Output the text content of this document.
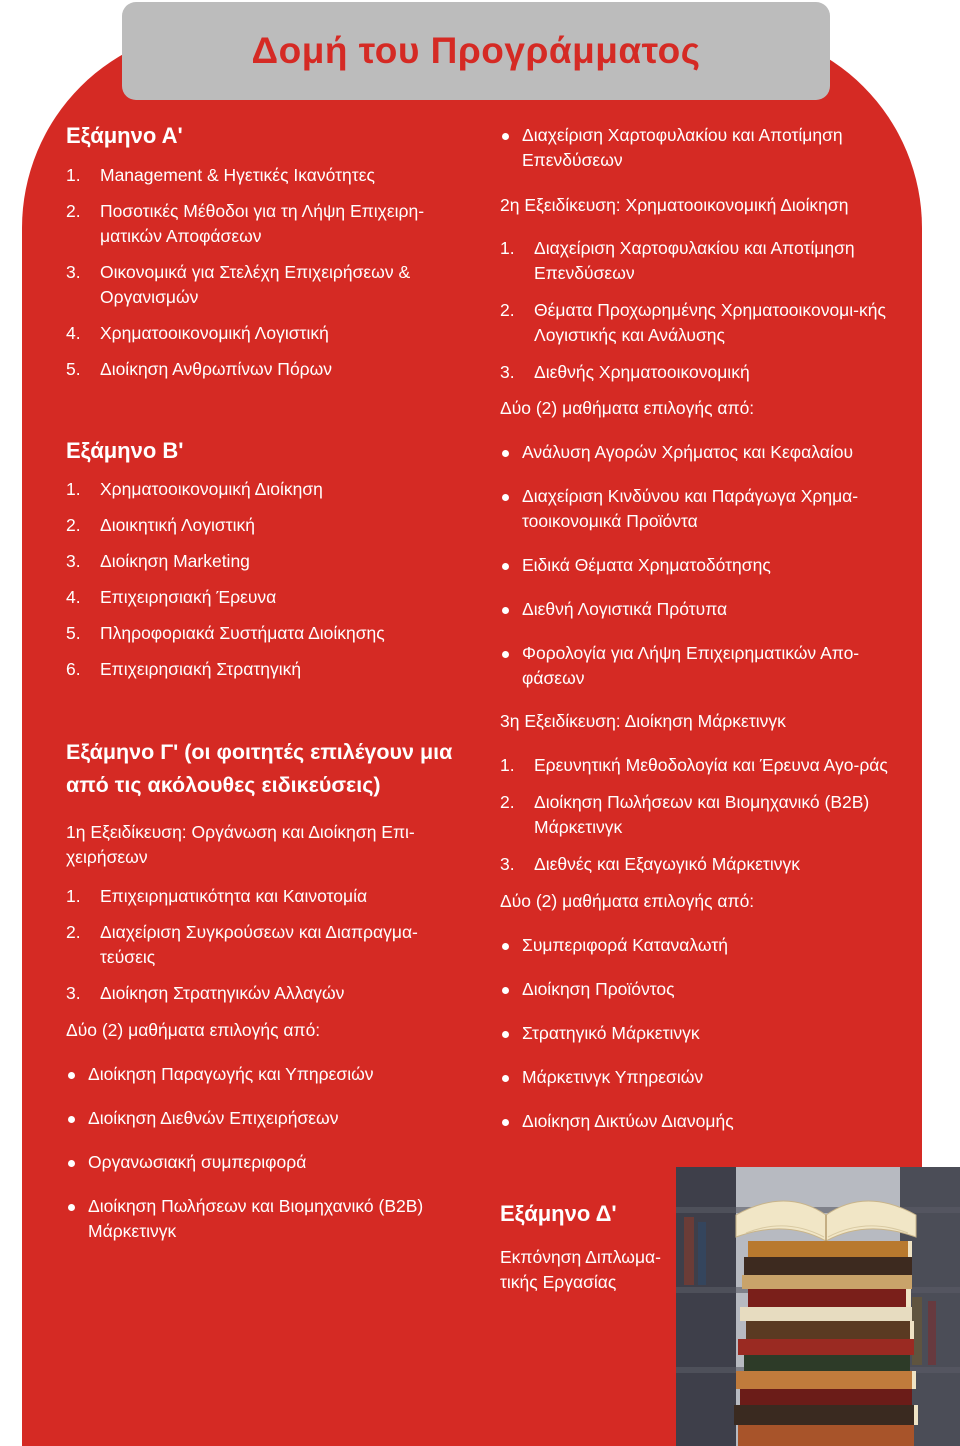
Δομή του Προγράμματος
Εξάμηνο Α'
1.	Management & Ηγετικές Ικανότητες
2.	Ποσοτικές Μέθοδοι για τη Λήψη Επιχειρη-ματικών Αποφάσεων
3.	Οικονομικά για Στελέχη Επιχειρήσεων & Οργανισμών
4.	Χρηματοοικονομική Λογιστική
5.	Διοίκηση Ανθρωπίνων Πόρων
Εξάμηνο Β'
1.	Χρηματοοικονομική Διοίκηση
2.	Διοικητική Λογιστική
3.	Διοίκηση Marketing
4.	Επιχειρησιακή Έρευνα
5.	Πληροφοριακά Συστήματα Διοίκησης
6.	Επιχειρησιακή Στρατηγική
Εξάμηνο Γ' (οι φοιτητές επιλέγουν μια από τις ακόλουθες ειδικεύσεις)
1η Εξειδίκευση: Οργάνωση και Διοίκηση Επι-χειρήσεων
1.	Επιχειρηματικότητα και Καινοτομία
2.	Διαχείριση Συγκρούσεων και Διαπραγμα-τεύσεις
3.	Διοίκηση Στρατηγικών Αλλαγών
Δύο (2) μαθήματα επιλογής από:
Διοίκηση Παραγωγής και Υπηρεσιών
Διοίκηση Διεθνών Επιχειρήσεων
Οργανωσιακή συμπεριφορά
Διοίκηση Πωλήσεων και Βιομηχανικό (B2B) Μάρκετινγκ
Διαχείριση Χαρτοφυλακίου και Αποτίμηση Επενδύσεων
2η Εξειδίκευση: Χρηματοοικονομική Διοίκηση
1.	Διαχείριση Χαρτοφυλακίου και Αποτίμηση Επενδύσεων
2.	Θέματα Προχωρημένης Χρηματοοικονομι-κής Λογιστικής και Ανάλυσης
3.	Διεθνής Χρηματοοικονομική
Δύο (2) μαθήματα επιλογής από:
Ανάλυση Αγορών Χρήματος και Κεφαλαίου
Διαχείριση Κινδύνου και Παράγωγα Χρημα-τοοικονομικά Προϊόντα
Ειδικά Θέματα Χρηματοδότησης
Διεθνή Λογιστικά Πρότυπα
Φορολογία για Λήψη Επιχειρηματικών Απο-φάσεων
3η Εξειδίκευση: Διοίκηση Μάρκετινγκ
1.	Ερευνητική Μεθοδολογία και Έρευνα Αγο-ράς
2.	Διοίκηση Πωλήσεων και Βιομηχανικό (B2B) Μάρκετινγκ
3.	Διεθνές και Εξαγωγικό Μάρκετινγκ
Δύο (2) μαθήματα επιλογής από:
Συμπεριφορά Καταναλωτή
Διοίκηση Προϊόντος
Στρατηγικό Μάρκετινγκ
Μάρκετινγκ Υπηρεσιών
Διοίκηση Δικτύων Διανομής
Εξάμηνο Δ'
Εκπόνηση Διπλωμα-τικής Εργασίας
